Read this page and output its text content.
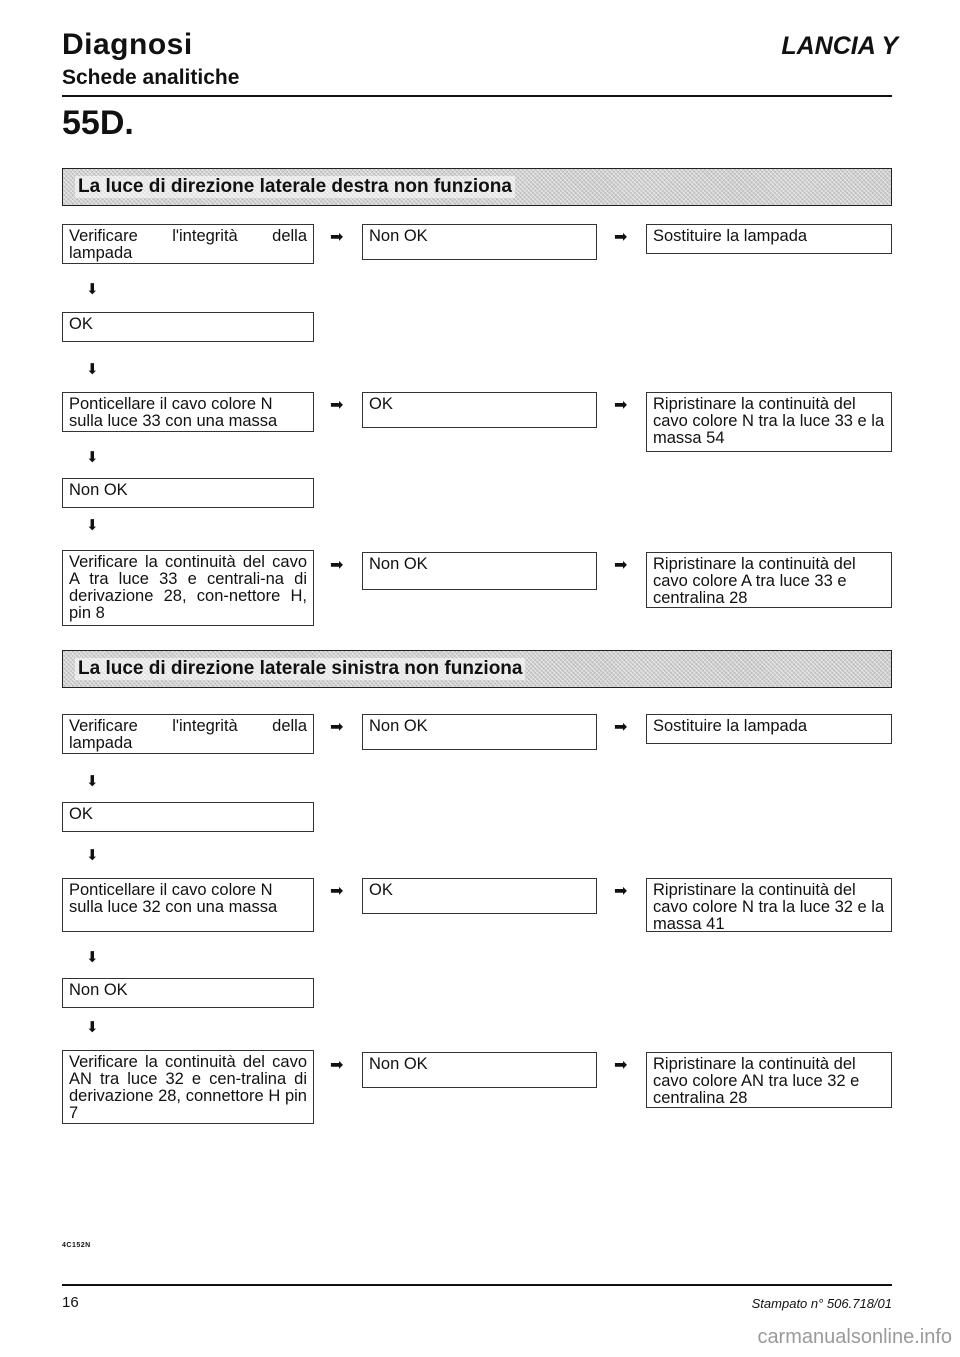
Diagnosi
Schede analitiche
LANCIA Y
55D.
La luce di direzione laterale destra non funziona
Verificare l'integrità della lampada
➡	Non OK	➡	Sostituire la lampada
⬇
OK
⬇
Ponticellare il cavo colore N sulla luce 33 con una massa
➡	OK	➡	Ripristinare la continuità del cavo colore N tra la luce 33 e la massa 54
⬇
Non OK
⬇
Verificare la continuità del cavo A tra luce 33 e centrali-na di derivazione 28, con-nettore H, pin 8
➡	Non OK	➡	Ripristinare la continuità del cavo colore A tra luce 33 e centralina 28
La luce di direzione laterale sinistra non funziona
Verificare l'integrità della lampada
➡	Non OK	➡	Sostituire la lampada
⬇
OK
⬇
Ponticellare il cavo colore N sulla luce 32 con una massa
➡	OK	➡	Ripristinare la continuità del cavo colore N tra la luce 32 e la massa 41
⬇
Non OK
⬇
Verificare la continuità del cavo AN tra luce 32 e cen-tralina di derivazione 28, connettore H pin 7
➡	Non OK	➡	Ripristinare la continuità del cavo colore AN tra luce 32 e centralina 28
4C152N
16	Stampato n° 506.718/01
carmanualsonline.info
